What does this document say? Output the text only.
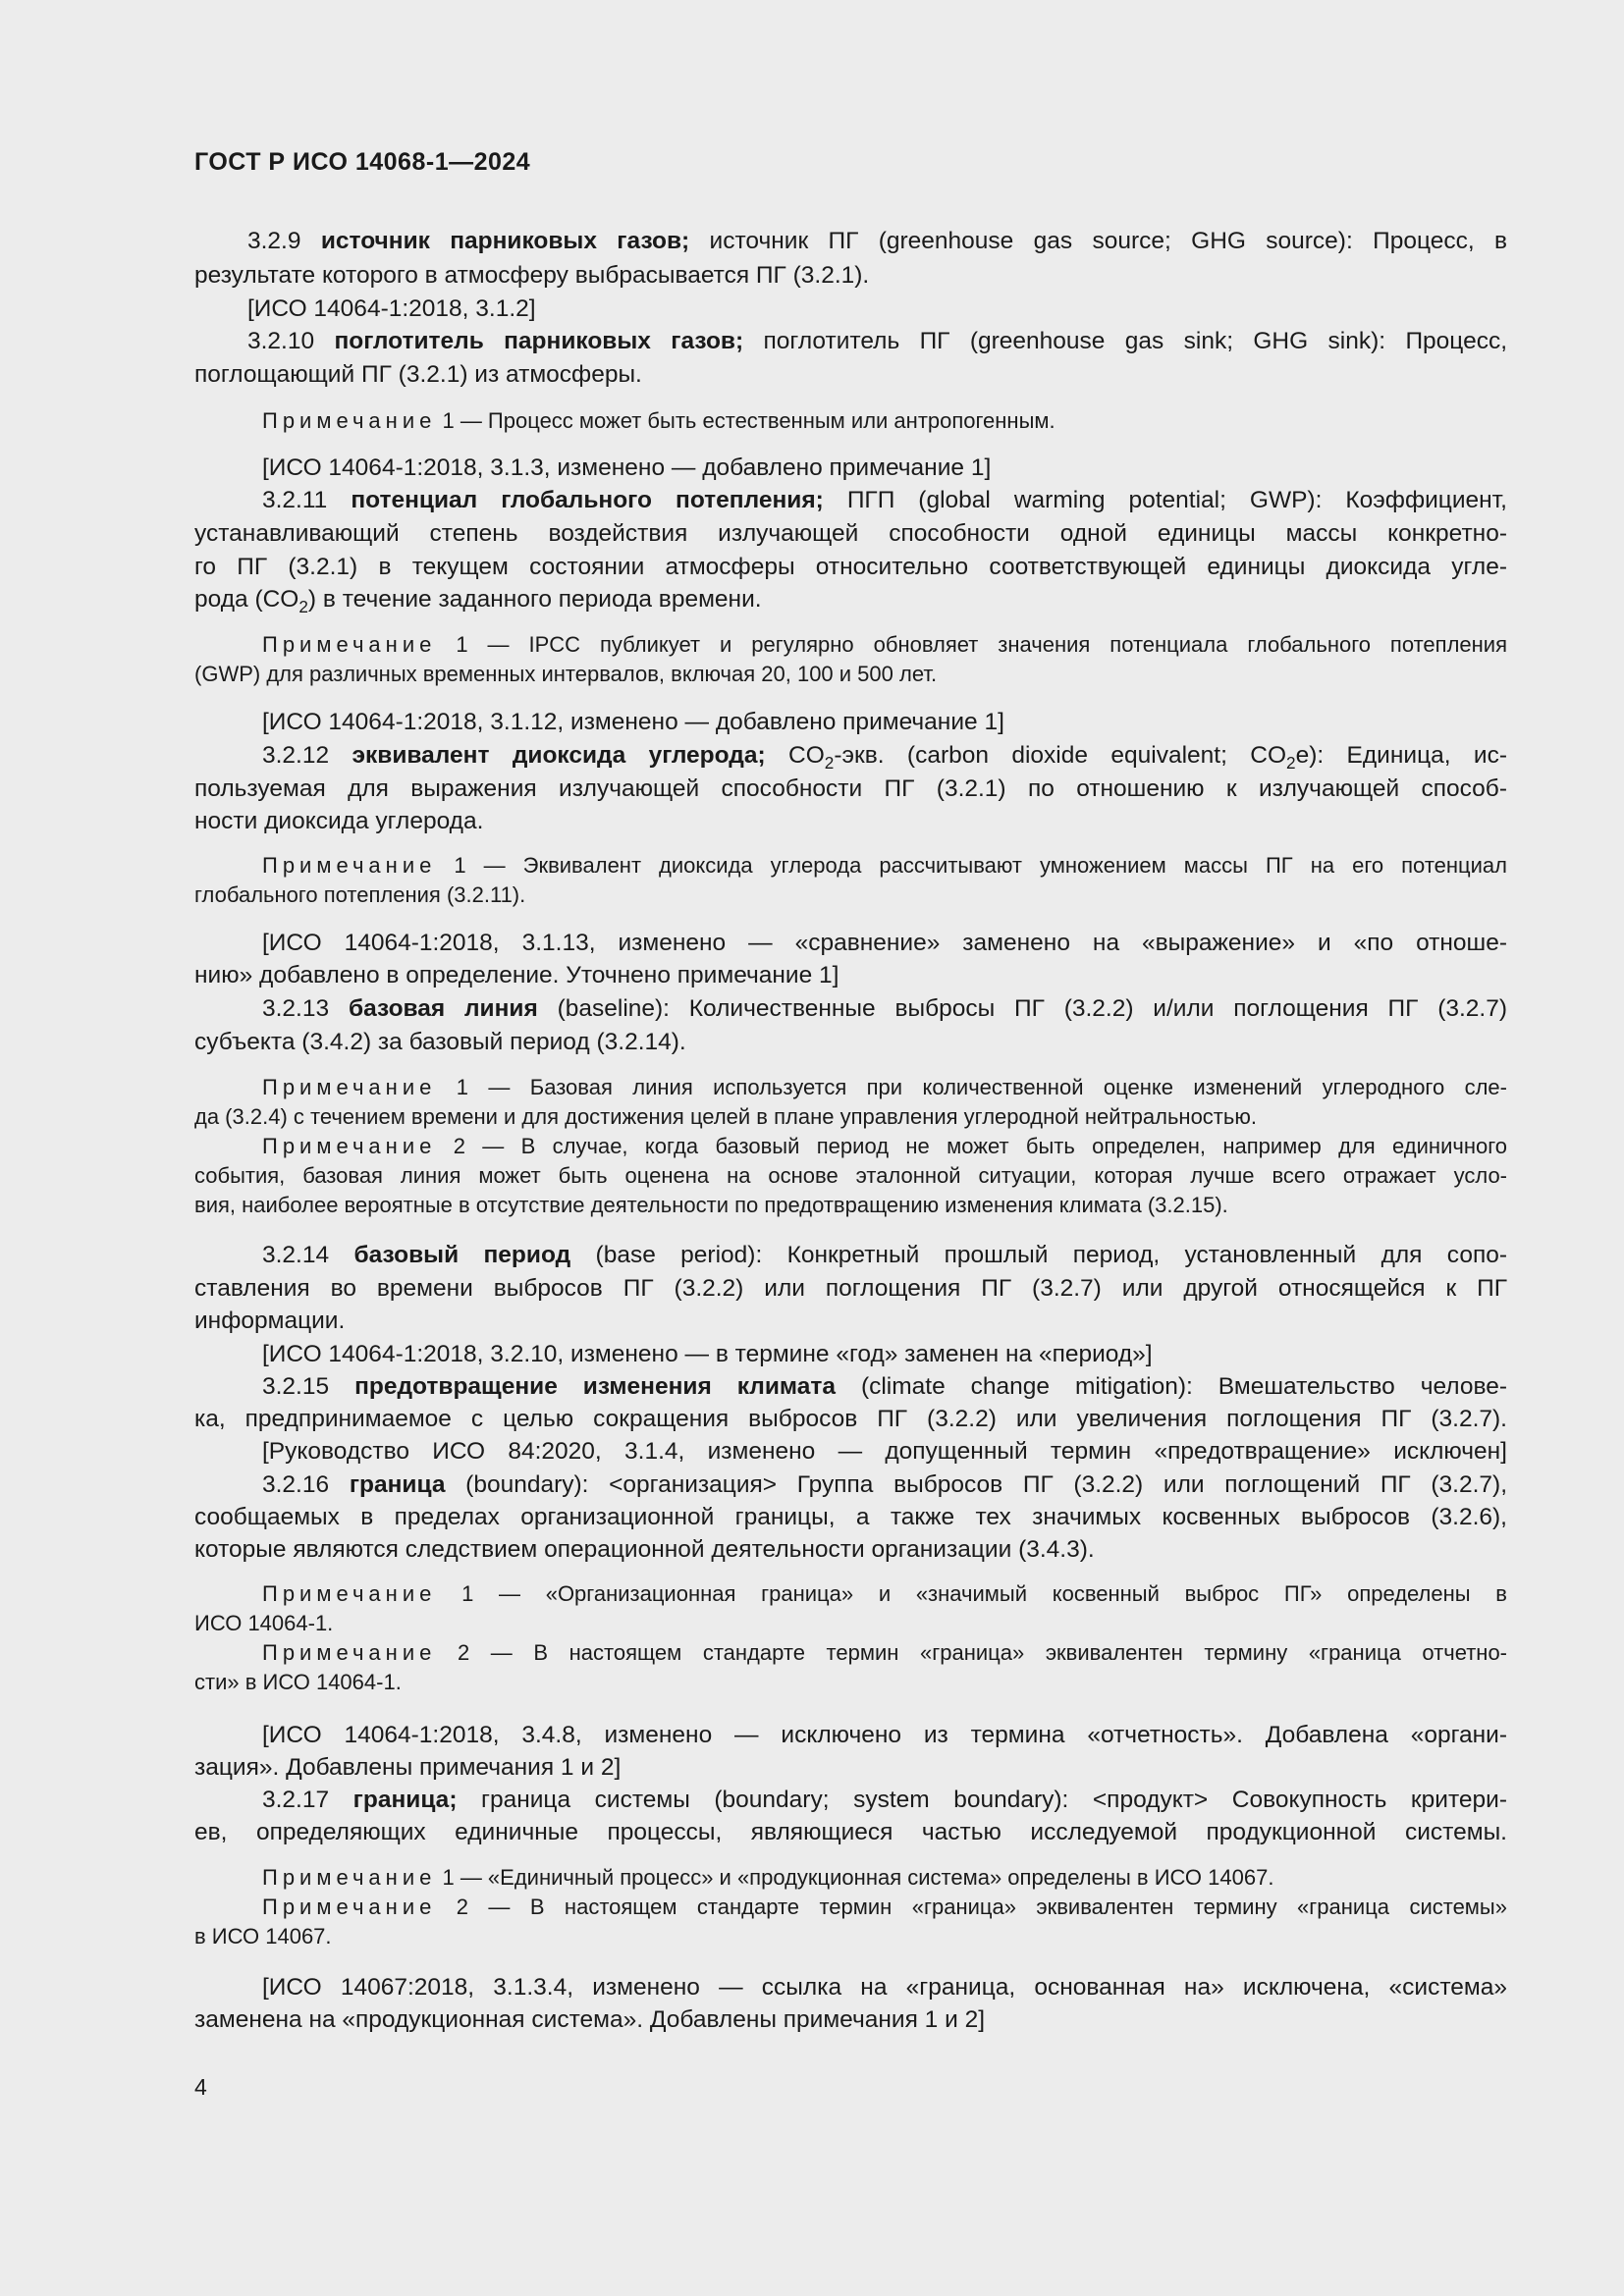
ГОСТ Р ИСО 14068-1—2024
3.2.9 источник парниковых газов; источник ПГ (greenhouse gas source; GHG source): Процесс, в
результате которого в атмосферу выбрасывается ПГ (3.2.1).
[ИСО 14064-1:2018, 3.1.2]
3.2.10 поглотитель парниковых газов; поглотитель ПГ (greenhouse gas sink; GHG sink): Процесс,
поглощающий ПГ (3.2.1) из атмосферы.
Примечание 1 — Процесс может быть естественным или антропогенным.
[ИСО 14064-1:2018, 3.1.3, изменено — добавлено примечание 1]
3.2.11 потенциал глобального потепления; ПГП (global warming potential; GWP): Коэффициент,
устанавливающий степень воздействия излучающей способности одной единицы массы конкретно-
го ПГ (3.2.1) в текущем состоянии атмосферы относительно соответствующей единицы диоксида угле-
рода $(CO_2)$ в течение заданного периода времени.
Примечание 1 — IPCC публикует и регулярно обновляет значения потенциала глобального потепления
(GWP) для различных временных интервалов, включая 20, 100 и 500 лет.
[ИСО 14064-1:2018, 3.1.12, изменено — добавлено примечание 1]
3.2.12 эквивалент диоксида углерода; $CO_2$-экв. (carbon dioxide equivalent; $CO_2e$): Единица, ис-
пользуемая для выражения излучающей способности ПГ (3.2.1) по отношению к излучающей способ-
ности диоксида углерода.
Примечание 1 — Эквивалент диоксида углерода рассчитывают умножением массы ПГ на его потенциал
глобального потепления (3.2.11).
[ИСО 14064-1:2018, 3.1.13, изменено — «сравнение» заменено на «выражение» и «по отноше-
нию» добавлено в определение. Уточнено примечание 1]
3.2.13 базовая линия (baseline): Количественные выбросы ПГ (3.2.2) и/или поглощения ПГ (3.2.7)
субъекта (3.4.2) за базовый период (3.2.14).
Примечание 1 — Базовая линия используется при количественной оценке изменений углеродного сле-
да (3.2.4) с течением времени и для достижения целей в плане управления углеродной нейтральностью.
Примечание 2 — В случае, когда базовый период не может быть определен, например для единичного
события, базовая линия может быть оценена на основе эталонной ситуации, которая лучше всего отражает усло-
вия, наиболее вероятные в отсутствие деятельности по предотвращению изменения климата (3.2.15).
3.2.14 базовый период (base period): Конкретный прошлый период, установленный для сопо-
ставления во времени выбросов ПГ (3.2.2) или поглощения ПГ (3.2.7) или другой относящейся к ПГ
информации.
[ИСО 14064-1:2018, 3.2.10, изменено — в термине «год» заменен на «период»]
3.2.15 предотвращение изменения климата (climate change mitigation): Вмешательство челове-
ка, предпринимаемое с целью сокращения выбросов ПГ (3.2.2) или увеличения поглощения ПГ (3.2.7).
[Руководство ИСО 84:2020, 3.1.4, изменено — допущенный термин «предотвращение» исключен]
3.2.16 граница (boundary): <организация> Группа выбросов ПГ (3.2.2) или поглощений ПГ (3.2.7),
сообщаемых в пределах организационной границы, а также тех значимых косвенных выбросов (3.2.6),
которые являются следствием операционной деятельности организации (3.4.3).
Примечание 1 — «Организационная граница» и «значимый косвенный выброс ПГ» определены в
ИСО 14064-1.
Примечание 2 — В настоящем стандарте термин «граница» эквивалентен термину «граница отчетно-
сти» в ИСО 14064-1.
[ИСО 14064-1:2018, 3.4.8, изменено — исключено из термина «отчетность». Добавлена «органи-
зация». Добавлены примечания 1 и 2]
3.2.17 граница; граница системы (boundary; system boundary): <продукт> Совокупность критери-
ев, определяющих единичные процессы, являющиеся частью исследуемой продукционной системы.
Примечание 1 — «Единичный процесс» и «продукционная система» определены в ИСО 14067.
Примечание 2 — В настоящем стандарте термин «граница» эквивалентен термину «граница системы»
в ИСО 14067.
[ИСО 14067:2018, 3.1.3.4, изменено — ссылка на «граница, основанная на» исключена, «система»
заменена на «продукционная система». Добавлены примечания 1 и 2]
4
